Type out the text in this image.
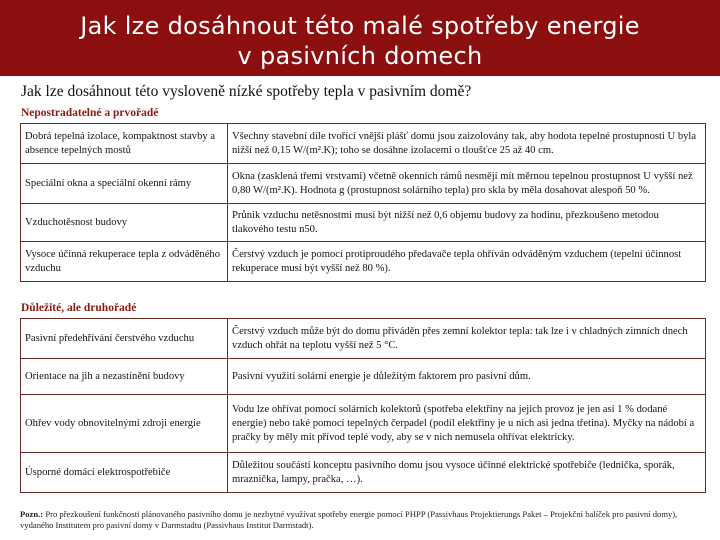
Jak lze dosáhnout této malé spotřeby energie
v pasivních domech
Jak lze dosáhnout této vysloveně nízké spotřeby tepla v pasivním domě?
Nepostradatelné a prvořadé
Dobrá tepelná izolace, kompaktnost stavby a absence tepelných mostů	Všechny stavební díle tvořící vnější plášť domu jsou zaizolovány tak, aby hodota tepelné prostupnosti U byla nižší než 0,15 W/(m².K); toho se dosáhne izolacemi o tloušťce 25 až 40 cm.
Speciální okna a speciální okenní rámy	Okna (zasklená třemi vrstvami) včetně okenních rámů nesmějí mít měrnou tepelnou prostupnost U vyšší než 0,80 W/(m².K). Hodnota g (prostupnost solárního tepla) pro skla by měla dosahovat alespoň 50 %.
Vzduchotěsnost budovy	Průnik vzduchu netěsnostmi musí být nižší než 0,6 objemu budovy za hodinu, přezkoušeno metodou tlakového testu n50.
Vysoce účinná rekuperace tepla z odváděného vzduchu	Čerstvý vzduch je pomocí protiproudého předavače tepla ohříván odváděným vzduchem (tepelní účinnost rekuperace musí být vyšší než 80 %).
Důležité, ale druhořadé
Pasivní předehřívání čerstvého vzduchu	Čerstvý vzduch může být do domu přiváděn přes zemní kolektor tepla: tak lze i v chladných zimních dnech vzduch ohřát na teplotu vyšší než 5 °C.
Orientace na jih a nezastínění budovy	Pasivní využití solární energie je důležitým faktorem pro pasivní dům.
Ohřev vody obnovitelnými zdroji energie	Vodu lze ohřívat pomocí solárních kolektorů (spotřeba elektřiny na jejich provoz je jen asi 1 % dodané energie) nebo také pomocí tepelných čerpadel (podíl elektřiny je u nich asi jedna třetina). Myčky na nádobí a pračky by měly mít přívod teplé vody, aby se v nich nemusela ohřívat elektricky.
Úsporné domácí elektrospotřebiče	Důležitou součástí konceptu pasivního domu jsou vysoce účinné elektrické spotřebiče (lednička, sporák, mraznička, lampy, pračka, …).
Pozn.: Pro přezkoušení funkčnosti plánovaného pasivního domu je nezbytné využívat spotřeby energie pomocí PHPP (Passivhaus Projektierungs Paket – Projekční balíček pro pasivní domy), vydaného Institutem pro pasivní domy v Darmstadtu (Passivhaus Institut Darmstadt).
